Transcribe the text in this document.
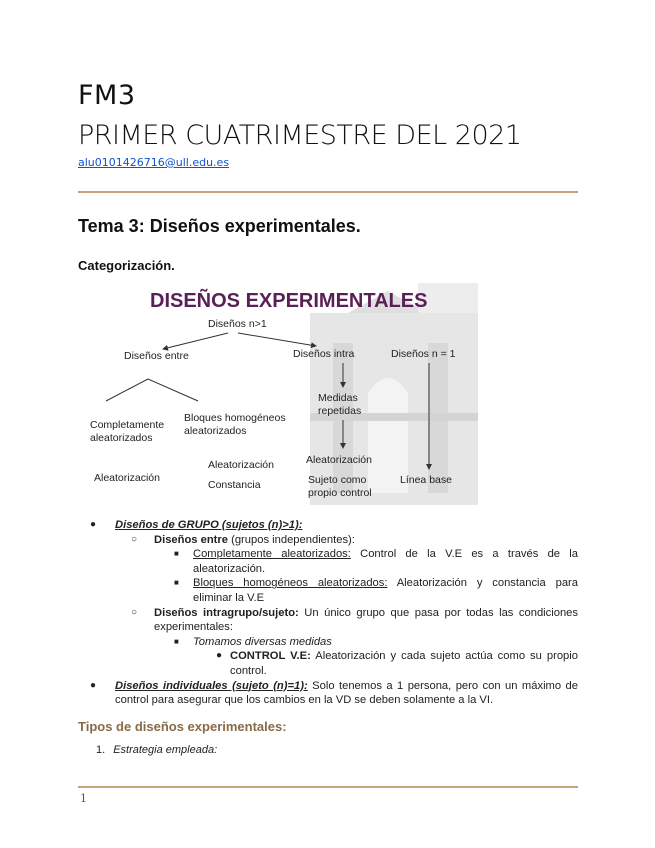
FM3
PRIMER CUATRIMESTRE DEL 2021
alu0101426716@ull.edu.es
Tema 3: Diseños experimentales.
Categorización.
DISEÑOS EXPERIMENTALES
Diseños n>1
Diseños entre	Diseños intra	Diseños n = 1
Completamente
aleatorizados
Bloques homogéneos
aleatorizados
Aleatorización
Aleatorización
Constancia
Medidas
repetidas
Aleatorización
Sujeto como
propio control
Línea base
● Diseños de GRUPO (sujetos (n)>1):
○ Diseños entre (grupos independientes):
■ Completamente aleatorizados: Control de la V.E es a través de la aleatorización.
■ Bloques homogéneos aleatorizados: Aleatorización y constancia para eliminar la V.E
○ Diseños intragrupo/sujeto: Un único grupo que pasa por todas las condiciones experimentales:
■ Tomamos diversas medidas
● CONTROL V.E: Aleatorización y cada sujeto actúa como su propio control.
● Diseños individuales (sujeto (n)=1): Solo tenemos a 1 persona, pero con un máximo de control para asegurar que los cambios en la VD se deben solamente a la VI.
Tipos de diseños experimentales:
1. Estrategia empleada:
1
